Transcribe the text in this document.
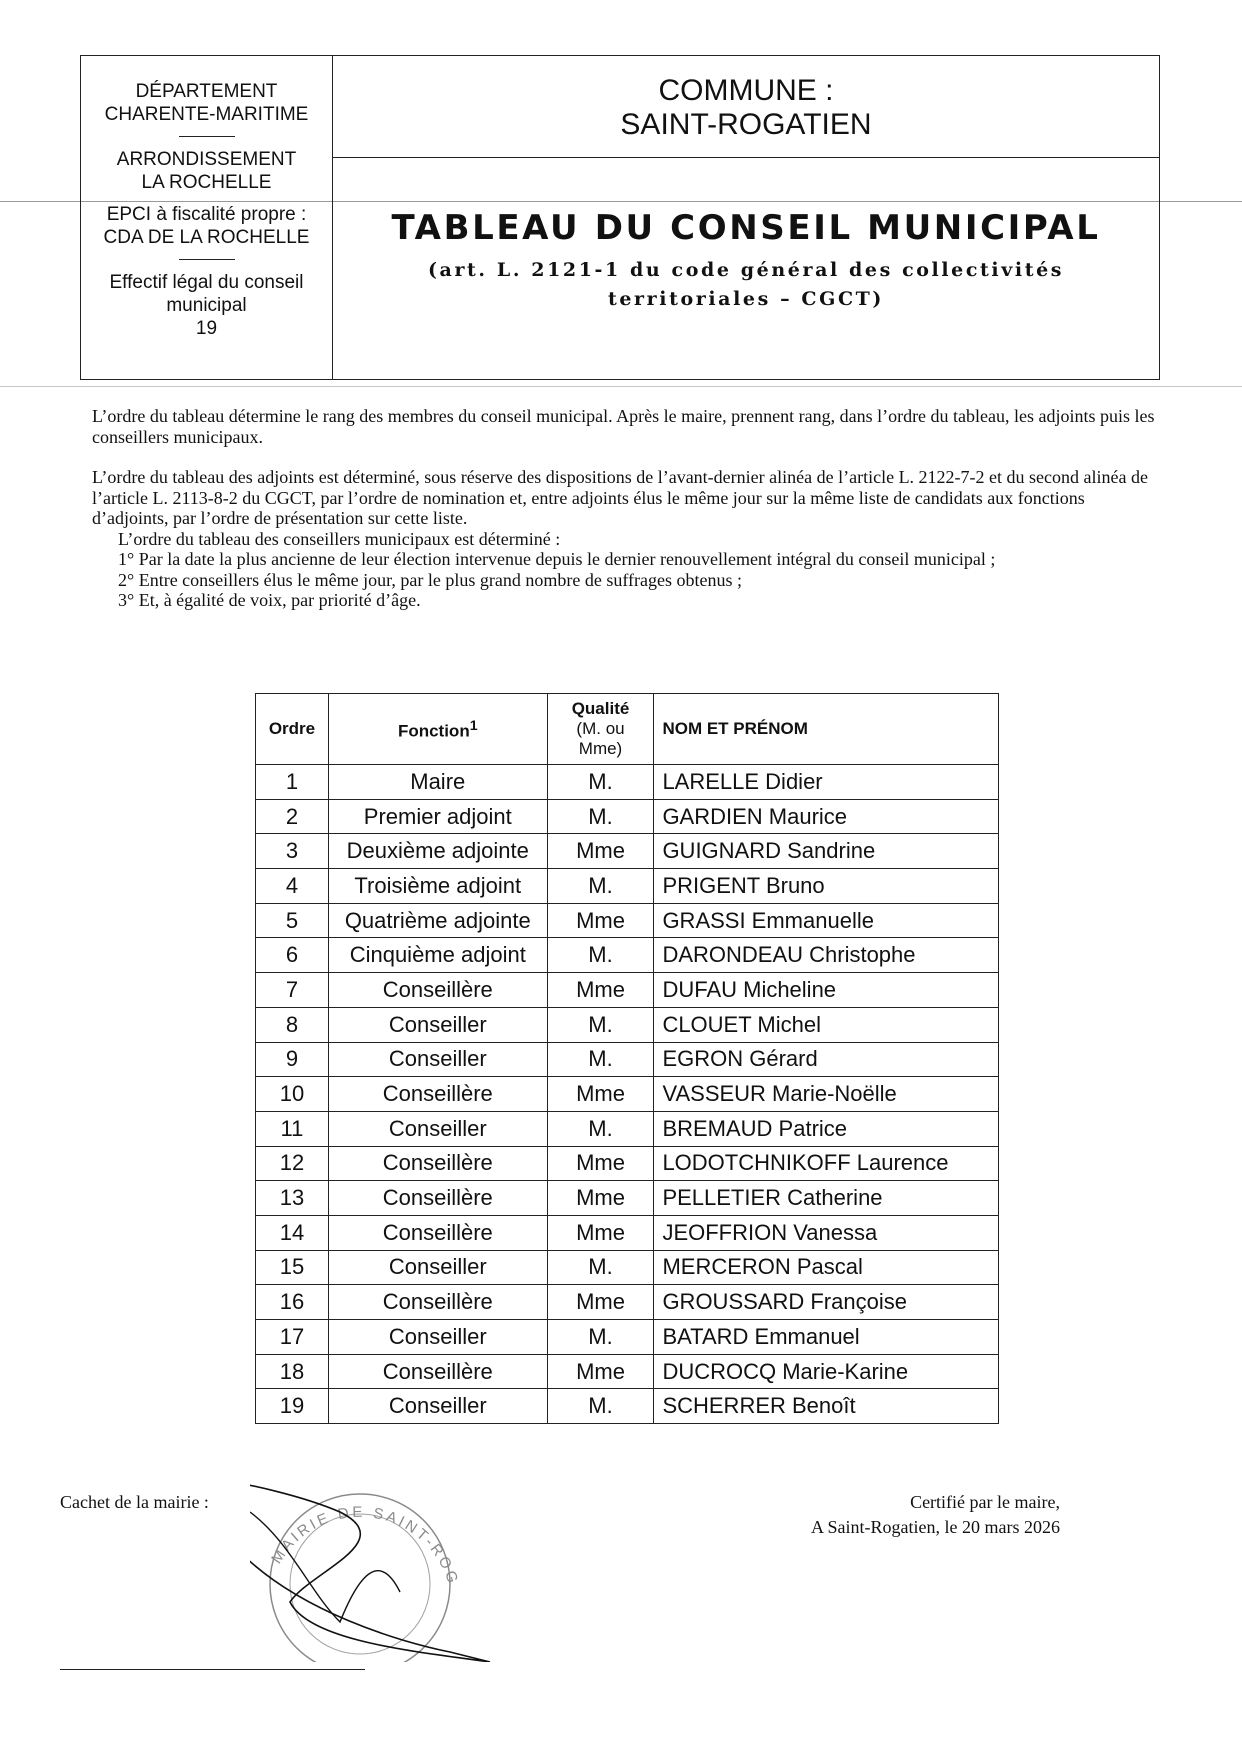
DÉPARTEMENT
CHARENTE-MARITIME
ARRONDISSEMENT
LA ROCHELLE
EPCI à fiscalité propre :
CDA DE LA ROCHELLE
Effectif légal du conseil municipal
19
COMMUNE :
SAINT-ROGATIEN
TABLEAU DU CONSEIL MUNICIPAL
(art. L. 2121-1 du code général des collectivités territoriales – CGCT)

L’ordre du tableau détermine le rang des membres du conseil municipal. Après le maire, prennent rang, dans l’ordre du tableau, les adjoints puis les conseillers municipaux.

L’ordre du tableau des adjoints est déterminé, sous réserve des dispositions de l’avant-dernier alinéa de l’article L. 2122-7-2 et du second alinéa de l’article L. 2113-8-2 du CGCT, par l’ordre de nomination et, entre adjoints élus le même jour sur la même liste de candidats aux fonctions d’adjoints, par l’ordre de présentation sur cette liste.

L’ordre du tableau des conseillers municipaux est déterminé :

1° Par la date la plus ancienne de leur élection intervenue depuis le dernier renouvellement intégral du conseil municipal ;

2° Entre conseillers élus le même jour, par le plus grand nombre de suffrages obtenus ;

3° Et, à égalité de voix, par priorité d’âge.

Ordre	Fonction$^1$	Qualité
(M. ou
Mme)	NOM ET PRÉNOM
1	Maire	M.	LARELLE Didier
2	Premier adjoint	M.	GARDIEN Maurice
3	Deuxième adjointe	Mme	GUIGNARD Sandrine
4	Troisième adjoint	M.	PRIGENT Bruno
5	Quatrième adjointe	Mme	GRASSI Emmanuelle
6	Cinquième adjoint	M.	DARONDEAU Christophe
7	Conseillère	Mme	DUFAU Micheline
8	Conseiller	M.	CLOUET Michel
9	Conseiller	M.	EGRON Gérard
10	Conseillère	Mme	VASSEUR Marie-Noëlle
11	Conseiller	M.	BREMAUD Patrice
12	Conseillère	Mme	LODOTCHNIKOFF Laurence
13	Conseillère	Mme	PELLETIER Catherine
14	Conseillère	Mme	JEOFFRION Vanessa
15	Conseiller	M.	MERCERON Pascal
16	Conseillère	Mme	GROUSSARD Françoise
17	Conseiller	M.	BATARD Emmanuel
18	Conseillère	Mme	DUCROCQ Marie-Karine
19	Conseiller	M.	SCHERRER Benoît
Cachet de la mairie :
MAIRIE DE SAINT-ROG
Certifié par le maire,
A Saint-Rogatien, le 20 mars 2026
